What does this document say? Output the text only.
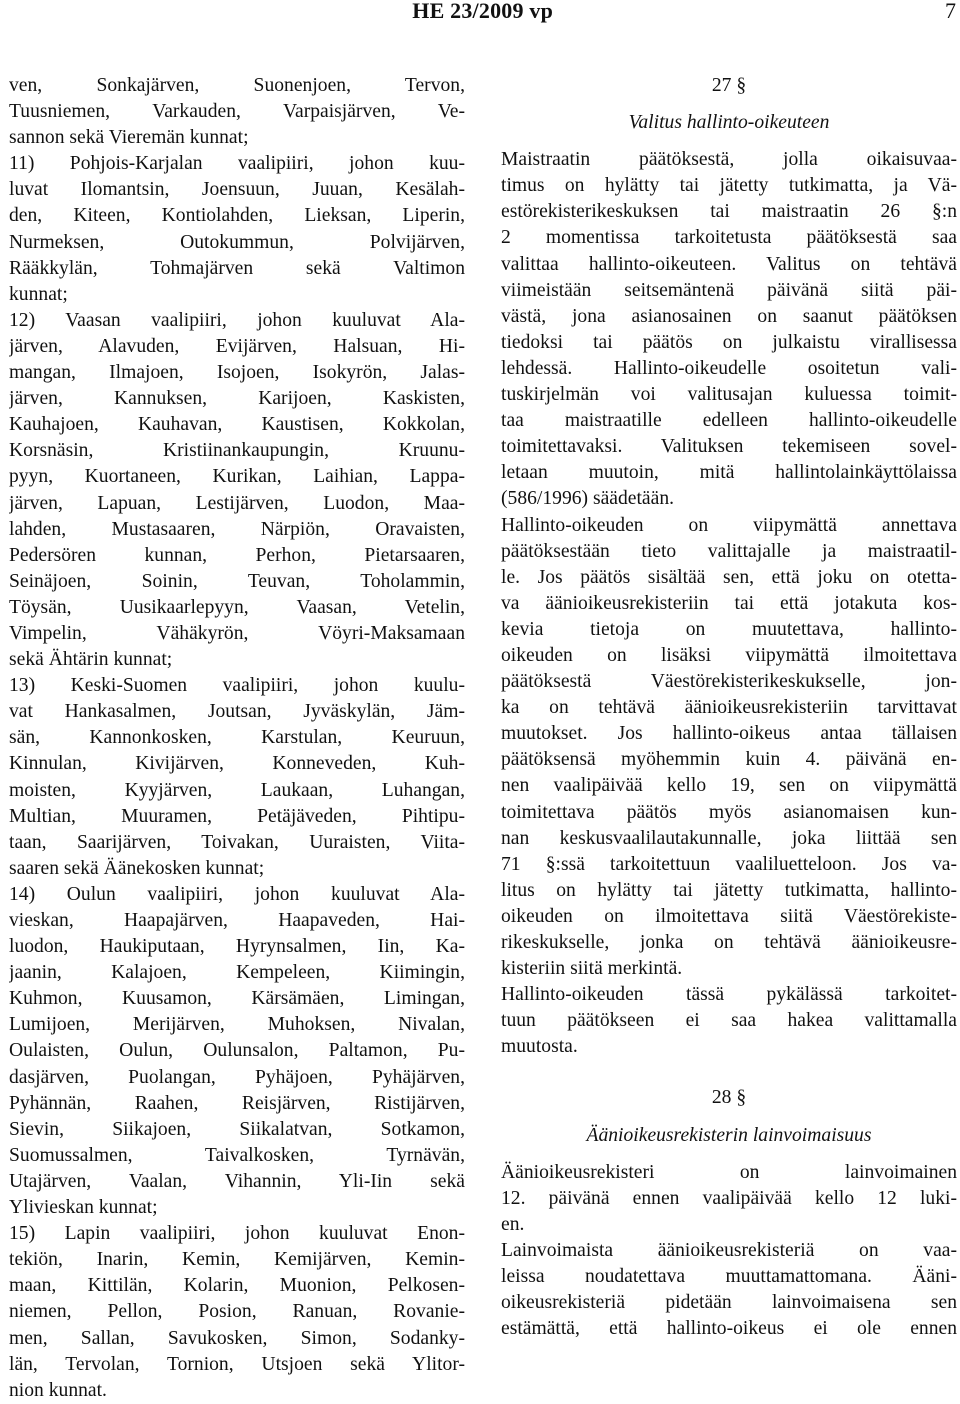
HE 23/2009 vp	7
ven, Sonkajärven, Suonenjoen, Tervon,
Tuusniemen, Varkauden, Varpaisjärven, Ve-
sannon sekä Vieremän kunnat;
11) Pohjois-Karjalan vaalipiiri, johon kuu-
luvat Ilomantsin, Joensuun, Juuan, Kesälah-
den, Kiteen, Kontiolahden, Lieksan, Liperin,
Nurmeksen, Outokummun, Polvijärven,
Rääkkylän, Tohmajärven sekä Valtimon
kunnat;
12) Vaasan vaalipiiri, johon kuuluvat Ala-
järven, Alavuden, Evijärven, Halsuan, Hi-
mangan, Ilmajoen, Isojoen, Isokyrön, Jalas-
järven, Kannuksen, Karijoen, Kaskisten,
Kauhajoen, Kauhavan, Kaustisen, Kokkolan,
Korsnäsin, Kristiinankaupungin, Kruunu-
pyyn, Kuortaneen, Kurikan, Laihian, Lappa-
järven, Lapuan, Lestijärven, Luodon, Maa-
lahden, Mustasaaren, Närpiön, Oravaisten,
Pedersören kunnan, Perhon, Pietarsaaren,
Seinäjoen, Soinin, Teuvan, Toholammin,
Töysän, Uusikaarlepyyn, Vaasan, Vetelin,
Vimpelin, Vähäkyrön, Vöyri-Maksamaan
sekä Ähtärin kunnat;
13) Keski-Suomen vaalipiiri, johon kuulu-
vat Hankasalmen, Joutsan, Jyväskylän, Jäm-
sän, Kannonkosken, Karstulan, Keuruun,
Kinnulan, Kivijärven, Konneveden, Kuh-
moisten, Kyyjärven, Laukaan, Luhangan,
Multian, Muuramen, Petäjäveden, Pihtipu-
taan, Saarijärven, Toivakan, Uuraisten, Viita-
saaren sekä Äänekosken kunnat;
14) Oulun vaalipiiri, johon kuuluvat Ala-
vieskan, Haapajärven, Haapaveden, Hai-
luodon, Haukiputaan, Hyrynsalmen, Iin, Ka-
jaanin, Kalajoen, Kempeleen, Kiimingin,
Kuhmon, Kuusamon, Kärsämäen, Limingan,
Lumijoen, Merijärven, Muhoksen, Nivalan,
Oulaisten, Oulun, Oulunsalon, Paltamon, Pu-
dasjärven, Puolangan, Pyhäjoen, Pyhäjärven,
Pyhännän, Raahen, Reisjärven, Ristijärven,
Sievin, Siikajoen, Siikalatvan, Sotkamon,
Suomussalmen, Taivalkosken, Tyrnävän,
Utajärven, Vaalan, Vihannin, Yli-Iin sekä
Ylivieskan kunnat;
15) Lapin vaalipiiri, johon kuuluvat Enon-
tekiön, Inarin, Kemin, Kemijärven, Kemin-
maan, Kittilän, Kolarin, Muonion, Pelkosen-
niemen, Pellon, Posion, Ranuan, Rovanie-
men, Sallan, Savukosken, Simon, Sodanky-
län, Tervolan, Tornion, Utsjoen sekä Ylitor-
nion kunnat.
27 §
Valitus hallinto-oikeuteen
Maistraatin päätöksestä, jolla oikaisuvaa-
timus on hylätty tai jätetty tutkimatta, ja Vä-
estörekisterikeskuksen tai maistraatin 26 §:n
2 momentissa tarkoitetusta päätöksestä saa
valittaa hallinto-oikeuteen. Valitus on tehtävä
viimeistään seitsemäntenä päivänä siitä päi-
västä, jona asianosainen on saanut päätöksen
tiedoksi tai päätös on julkaistu virallisessa
lehdessä. Hallinto-oikeudelle osoitetun vali-
tuskirjelmän voi valitusajan kuluessa toimit-
taa maistraatille edelleen hallinto-oikeudelle
toimitettavaksi. Valituksen tekemiseen sovel-
letaan muutoin, mitä hallintolainkäyttölaissa
(586/1996) säädetään.
Hallinto-oikeuden on viipymättä annettava
päätöksestään tieto valittajalle ja maistraatil-
le. Jos päätös sisältää sen, että joku on otetta-
va äänioikeusrekisteriin tai että jotakuta kos-
kevia tietoja on muutettava, hallinto-
oikeuden on lisäksi viipymättä ilmoitettava
päätöksestä Väestörekisterikeskukselle, jon-
ka on tehtävä äänioikeusrekisteriin tarvittavat
muutokset. Jos hallinto-oikeus antaa tällaisen
päätöksensä myöhemmin kuin 4. päivänä en-
nen vaalipäivää kello 19, sen on viipymättä
toimitettava päätös myös asianomaisen kun-
nan keskusvaalilautakunnalle, joka liittää sen
71 §:ssä tarkoitettuun vaaliluetteloon. Jos va-
litus on hylätty tai jätetty tutkimatta, hallinto-
oikeuden on ilmoitettava siitä Väestörekiste-
rikeskukselle, jonka on tehtävä äänioikeusre-
kisteriin siitä merkintä.
Hallinto-oikeuden tässä pykälässä tarkoitet-
tuun päätökseen ei saa hakea valittamalla
muutosta.
28 §
Äänioikeusrekisterin lainvoimaisuus
Äänioikeusrekisteri on lainvoimainen
12. päivänä ennen vaalipäivää kello 12 luki-
en.
Lainvoimaista äänioikeusrekisteriä on vaa-
leissa noudatettava muuttamattomana. Ääni-
oikeusrekisteriä pidetään lainvoimaisena sen
estämättä, että hallinto-oikeus ei ole ennen
